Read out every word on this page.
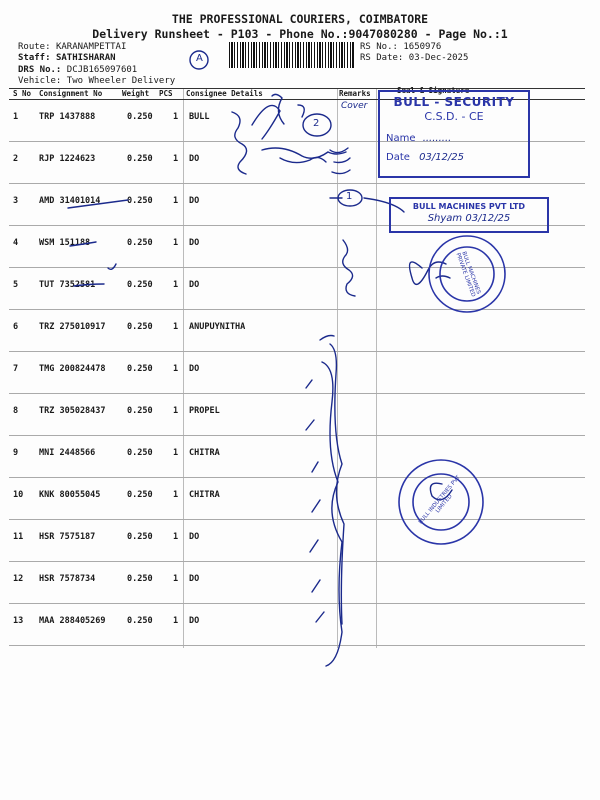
THE PROFESSIONAL COURIERS, COIMBATORE
Delivery Runsheet - P103 - Phone No.:9047080280 - Page No.:1
Route: KARANAMPETTAI
Staff: SATHISHARAN
DRS No.: DCJB165097601
Vehicle: Two Wheeler Delivery
RS No.: 1650976
RS Date: 03-Dec-2025
S No Consignment No	Weight PCS Consignee Details	Remarks	Seal & Signature
1 TRP 1437888	0.250 1 BULL
2 RJP 1224623	0.250 1 DO
3 AMD 31401014	0.250 1 DO
4 WSM 151188	0.250 1 DO
5 TUT 7352581	0.250 1 DO
6 TRZ 275010917	0.250 1 ANUPUYNITHA
7 TMG 200824478	0.250 1 DO
8 TRZ 305028437	0.250 1 PROPEL
9 MNI 2448566	0.250 1 CHITRA
10 KNK 80055045	0.250 1 CHITRA
11 HSR 7575187	0.250 1 DO
12 HSR 7578734	0.250 1 DO
13 MAA 288405269	0.250 1 DO
A
2
1
Cover	BULL - SECURITY
C.S.D. - CE
Name .........
Date 03/12/25
BULL MACHINES PVT LTD
Shyam 03/12/25
BULL MACHINES PRIVATE LIMITED
BULL INDUSTRIES PVT LIMITED
